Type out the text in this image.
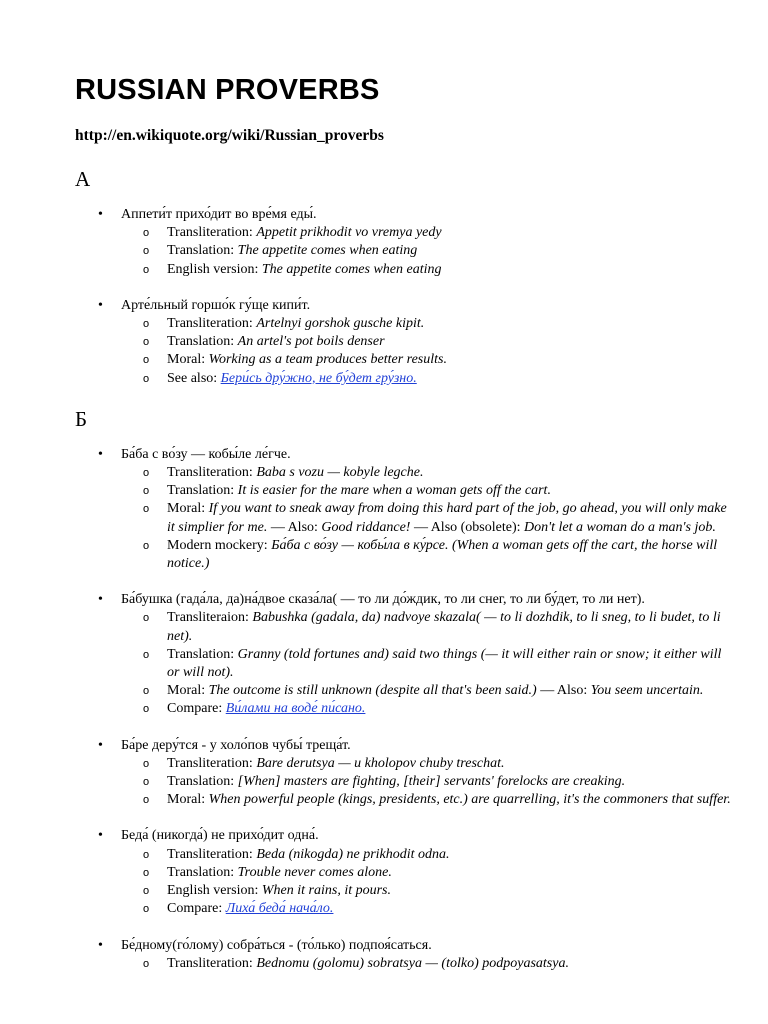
RUSSIAN PROVERBS
http://en.wikiquote.org/wiki/Russian_proverbs
А
• Аппети́т прихо́дит во вре́мя еды́.
o Transliteration: Appetit prikhodit vo vremya yedy
o Translation: The appetite comes when eating
o English version: The appetite comes when eating
• Арте́льный горшо́к гу́ще кипи́т.
o Transliteration: Artelnyi gorshok gusche kipit.
o Translation: An artel's pot boils denser
o Moral: Working as a team produces better results.
o See also: Бери́сь дру́жно, не бу́дет гру́зно.
Б
• Ба́ба с во́зу — кобы́ле ле́гче.
o Transliteration: Baba s vozu — kobyle legche.
o Translation: It is easier for the mare when a woman gets off the cart.
o Moral: If you want to sneak away from doing this hard part of the job, go ahead, you will only make it simplier for me. — Also: Good riddance! — Also (obsolete): Don't let a woman do a man's job.
o Modern mockery: Ба́ба с во́зу — кобы́ла в ку́рсе. (When a woman gets off the cart, the horse will notice.)
• Ба́бушка (гада́ла, да)на́двое сказа́ла( — то ли до́ждик, то ли снег, то ли бу́дет, то ли нет).
o Transliteraion: Babushka (gadala, da) nadvoye skazala( — to li dozhdik, to li sneg, to li budet, to li net).
o Translation: Granny (told fortunes and) said two things (— it will either rain or snow; it either will or will not).
o Moral: The outcome is still unknown (despite all that's been said.) — Also: You seem uncertain.
o Compare: Ви́лами на воде́ пи́сано.
• Ба́ре деру́тся - у холо́пов чубы́ треща́т.
o Transliteration: Bare derutsya — u kholopov chuby treschat.
o Translation: [When] masters are fighting, [their] servants' forelocks are creaking.
o Moral: When powerful people (kings, presidents, etc.) are quarrelling, it's the commoners that suffer.
• Беда́ (никогда́) не прихо́дит одна́.
o Transliteration: Beda (nikogda) ne prikhodit odna.
o Translation: Trouble never comes alone.
o English version: When it rains, it pours.
o Compare: Лиха́ беда́ нача́ло.
• Бе́дному(го́лому) собра́ться - (то́лько) подпоя́саться.
o Transliteration: Bednomu (golomu) sobratsya — (tolko) podpoyasatsya.
